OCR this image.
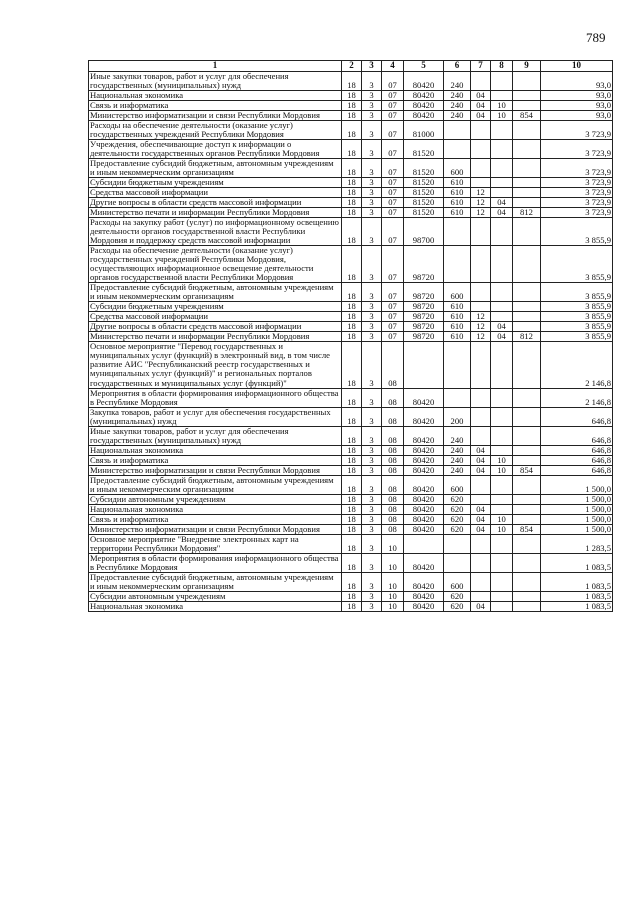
789
1	2	3	4	5	6	7	8	9	10
Иные закупки товаров, работ и услуг для обеспечения государственных (муниципальных) нужд	18	3	07	80420	240				93,0
Национальная экономика	18	3	07	80420	240	04			93,0
Связь и информатика	18	3	07	80420	240	04	10		93,0
Министерство информатизации и связи Республики Мордовия	18	3	07	80420	240	04	10	854	93,0
Расходы на обеспечение деятельности (оказание услуг) государственных учреждений Республики Мордовия	18	3	07	81000					3 723,9
Учреждения, обеспечивающие доступ к информации о деятельности государственных органов Республики Мордовия	18	3	07	81520					3 723,9
Предоставление субсидий бюджетным, автономным учреждениям и иным некоммерческим организациям	18	3	07	81520	600				3 723,9
Субсидии бюджетным учреждениям	18	3	07	81520	610				3 723,9
Средства массовой информации	18	3	07	81520	610	12			3 723,9
Другие вопросы в области средств массовой информации	18	3	07	81520	610	12	04		3 723,9
Министерство печати и информации Республики Мордовия	18	3	07	81520	610	12	04	812	3 723,9
Расходы на закупку работ (услуг) по информационному освещению деятельности органов государственной власти Республики Мордовия и поддержку средств массовой информации	18	3	07	98700					3 855,9
Расходы на обеспечение деятельности (оказание услуг) государственных учреждений Республики Мордовия, осуществляющих информационное освещение деятельности органов государственной власти Республики Мордовия	18	3	07	98720					3 855,9
Предоставление субсидий бюджетным, автономным учреждениям и иным некоммерческим организациям	18	3	07	98720	600				3 855,9
Субсидии бюджетным учреждениям	18	3	07	98720	610				3 855,9
Средства массовой информации	18	3	07	98720	610	12			3 855,9
Другие вопросы в области средств массовой информации	18	3	07	98720	610	12	04		3 855,9
Министерство печати и информации Республики Мордовия	18	3	07	98720	610	12	04	812	3 855,9
Основное мероприятие "Перевод государственных и муниципальных услуг (функций) в электронный вид, в том числе развитие АИС "Республиканский реестр государственных и муниципальных услуг (функций)" и региональных порталов государственных и муниципальных услуг (функций)"	18	3	08						2 146,8
Мероприятия в области формирования информационного общества в Республике Мордовия	18	3	08	80420					2 146,8
Закупка товаров, работ и услуг для обеспечения государственных (муниципальных) нужд	18	3	08	80420	200				646,8
Иные закупки товаров, работ и услуг для обеспечения государственных (муниципальных) нужд	18	3	08	80420	240				646,8
Национальная экономика	18	3	08	80420	240	04			646,8
Связь и информатика	18	3	08	80420	240	04	10		646,8
Министерство информатизации и связи Республики Мордовия	18	3	08	80420	240	04	10	854	646,8
Предоставление субсидий бюджетным, автономным учреждениям и иным некоммерческим организациям	18	3	08	80420	600				1 500,0
Субсидии автономным учреждениям	18	3	08	80420	620				1 500,0
Национальная экономика	18	3	08	80420	620	04			1 500,0
Связь и информатика	18	3	08	80420	620	04	10		1 500,0
Министерство информатизации и связи Республики Мордовия	18	3	08	80420	620	04	10	854	1 500,0
Основное мероприятие "Внедрение электронных карт на территории Республики Мордовия"	18	3	10						1 283,5
Мероприятия в области формирования информационного общества в Республике Мордовия	18	3	10	80420					1 083,5
Предоставление субсидий бюджетным, автономным учреждениям и иным некоммерческим организациям	18	3	10	80420	600				1 083,5
Субсидии автономным учреждениям	18	3	10	80420	620				1 083,5
Национальная экономика	18	3	10	80420	620	04			1 083,5
